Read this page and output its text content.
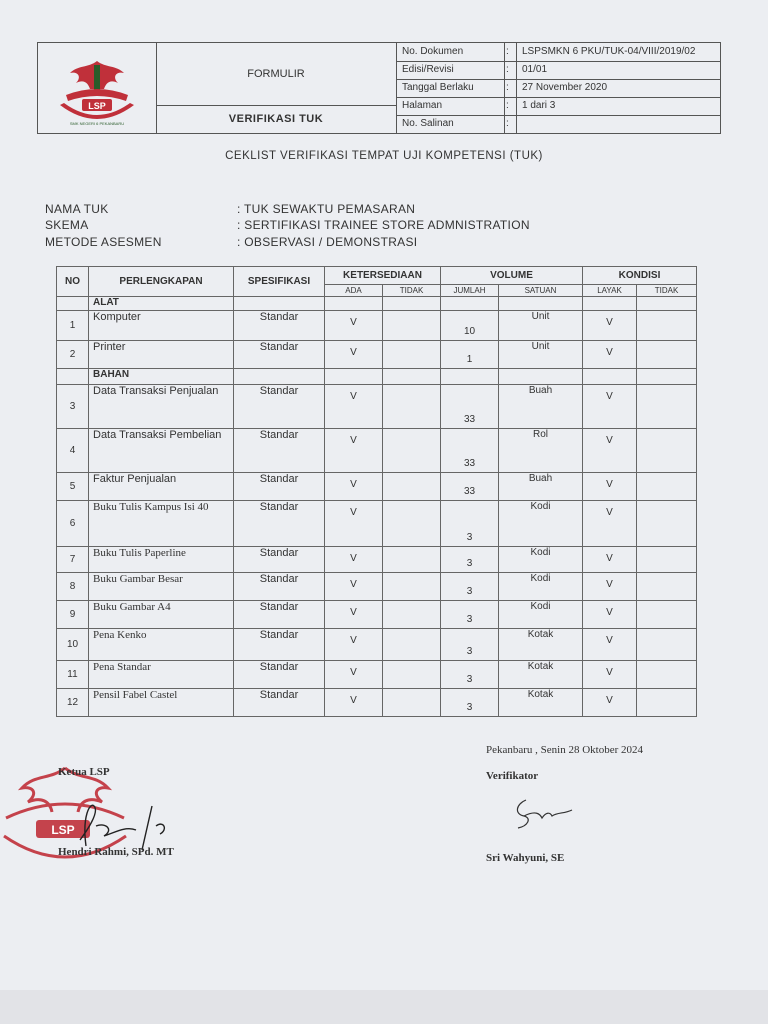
LSP
SMK NEGERI 6 PEKANBARU
FORMULIR
VERIFIKASI TUK
No. Dokumen	: LSPSMKN 6 PKU/TUK-04/VIII/2019/02
Edisi/Revisi	: 01/01
Tanggal Berlaku	: 27 November 2020
Halaman	: 1 dari 3
No. Salinan	:
CEKLIST VERIFIKASI TEMPAT UJI KOMPETENSI (TUK)
NAMA TUK	: TUK SEWAKTU PEMASARAN
SKEMA	: SERTIFIKASI TRAINEE STORE ADMNISTRATION
METODE ASESMEN	: OBSERVASI / DEMONSTRASI
NO	PERLENGKAPAN	SPESIFIKASI	KETERSEDIAAN		VOLUME		KONDISI	
			ADA	TIDAK	JUMLAH	SATUAN	LAYAK	TIDAK
	ALAT							
1	Komputer	Standar	V		10	Unit	V	
2	Printer	Standar	V		1	Unit	V	
	BAHAN							
3	Data Transaksi Penjualan	Standar	V		33	Buah	V	
4	Data Transaksi Pembelian	Standar	V		33	Rol	V	
5	Faktur Penjualan	Standar	V		33	Buah	V	
6	Buku Tulis Kampus Isi 40	Standar	V		3	Kodi	V	
7	Buku Tulis Paperline	Standar	V		3	Kodi	V	
8	Buku Gambar Besar	Standar	V		3	Kodi	V	
9	Buku Gambar A4	Standar	V		3	Kodi	V	
10	Pena Kenko	Standar	V		3	Kotak	V	
11	Pena Standar	Standar	V		3	Kotak	V	
12	Pensil Fabel Castel	Standar	V		3	Kotak	V	
Pekanbaru , Senin 28 Oktober 2024
Verifikator
Sri Wahyuni, SE
LSP
Ketua LSP
Hendri Rahmi, SPd. MT
